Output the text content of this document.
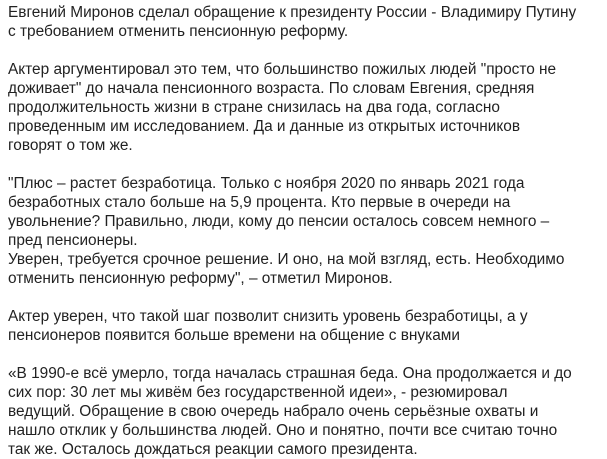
Евгений Миронов сделал обращение к президенту России - Владимиру Путину
с требованием отменить пенсионную реформу.

Актер аргументировал это тем, что большинство пожилых людей "просто не
доживает" до начала пенсионного возраста. По словам Евгения, средняя
продолжительность жизни в стране снизилась на два года, согласно
проведенным им исследованием. Да и данные из открытых источников
говорят о том же.

"Плюс – растет безработица. Только с ноября 2020 по январь 2021 года
безработных стало больше на 5,9 процента. Кто первые в очереди на
увольнение? Правильно, люди, кому до пенсии осталось совсем немного –
пред пенсионеры.
Уверен, требуется срочное решение. И оно, на мой взгляд, есть. Необходимо
отменить пенсионную реформу", – отметил Миронов.

Актер уверен, что такой шаг позволит снизить уровень безработицы, а у
пенсионеров появится больше времени на общение с внуками

«В 1990-е всё умерло, тогда началась страшная беда. Она продолжается и до
сих пор: 30 лет мы живём без государственной идеи», - резюмировал
ведущий. Обращение в свою очередь набрало очень серьёзные охваты и
нашло отклик у большинства людей. Оно и понятно, почти все считаю точно
так же. Осталось дождаться реакции самого президента.
